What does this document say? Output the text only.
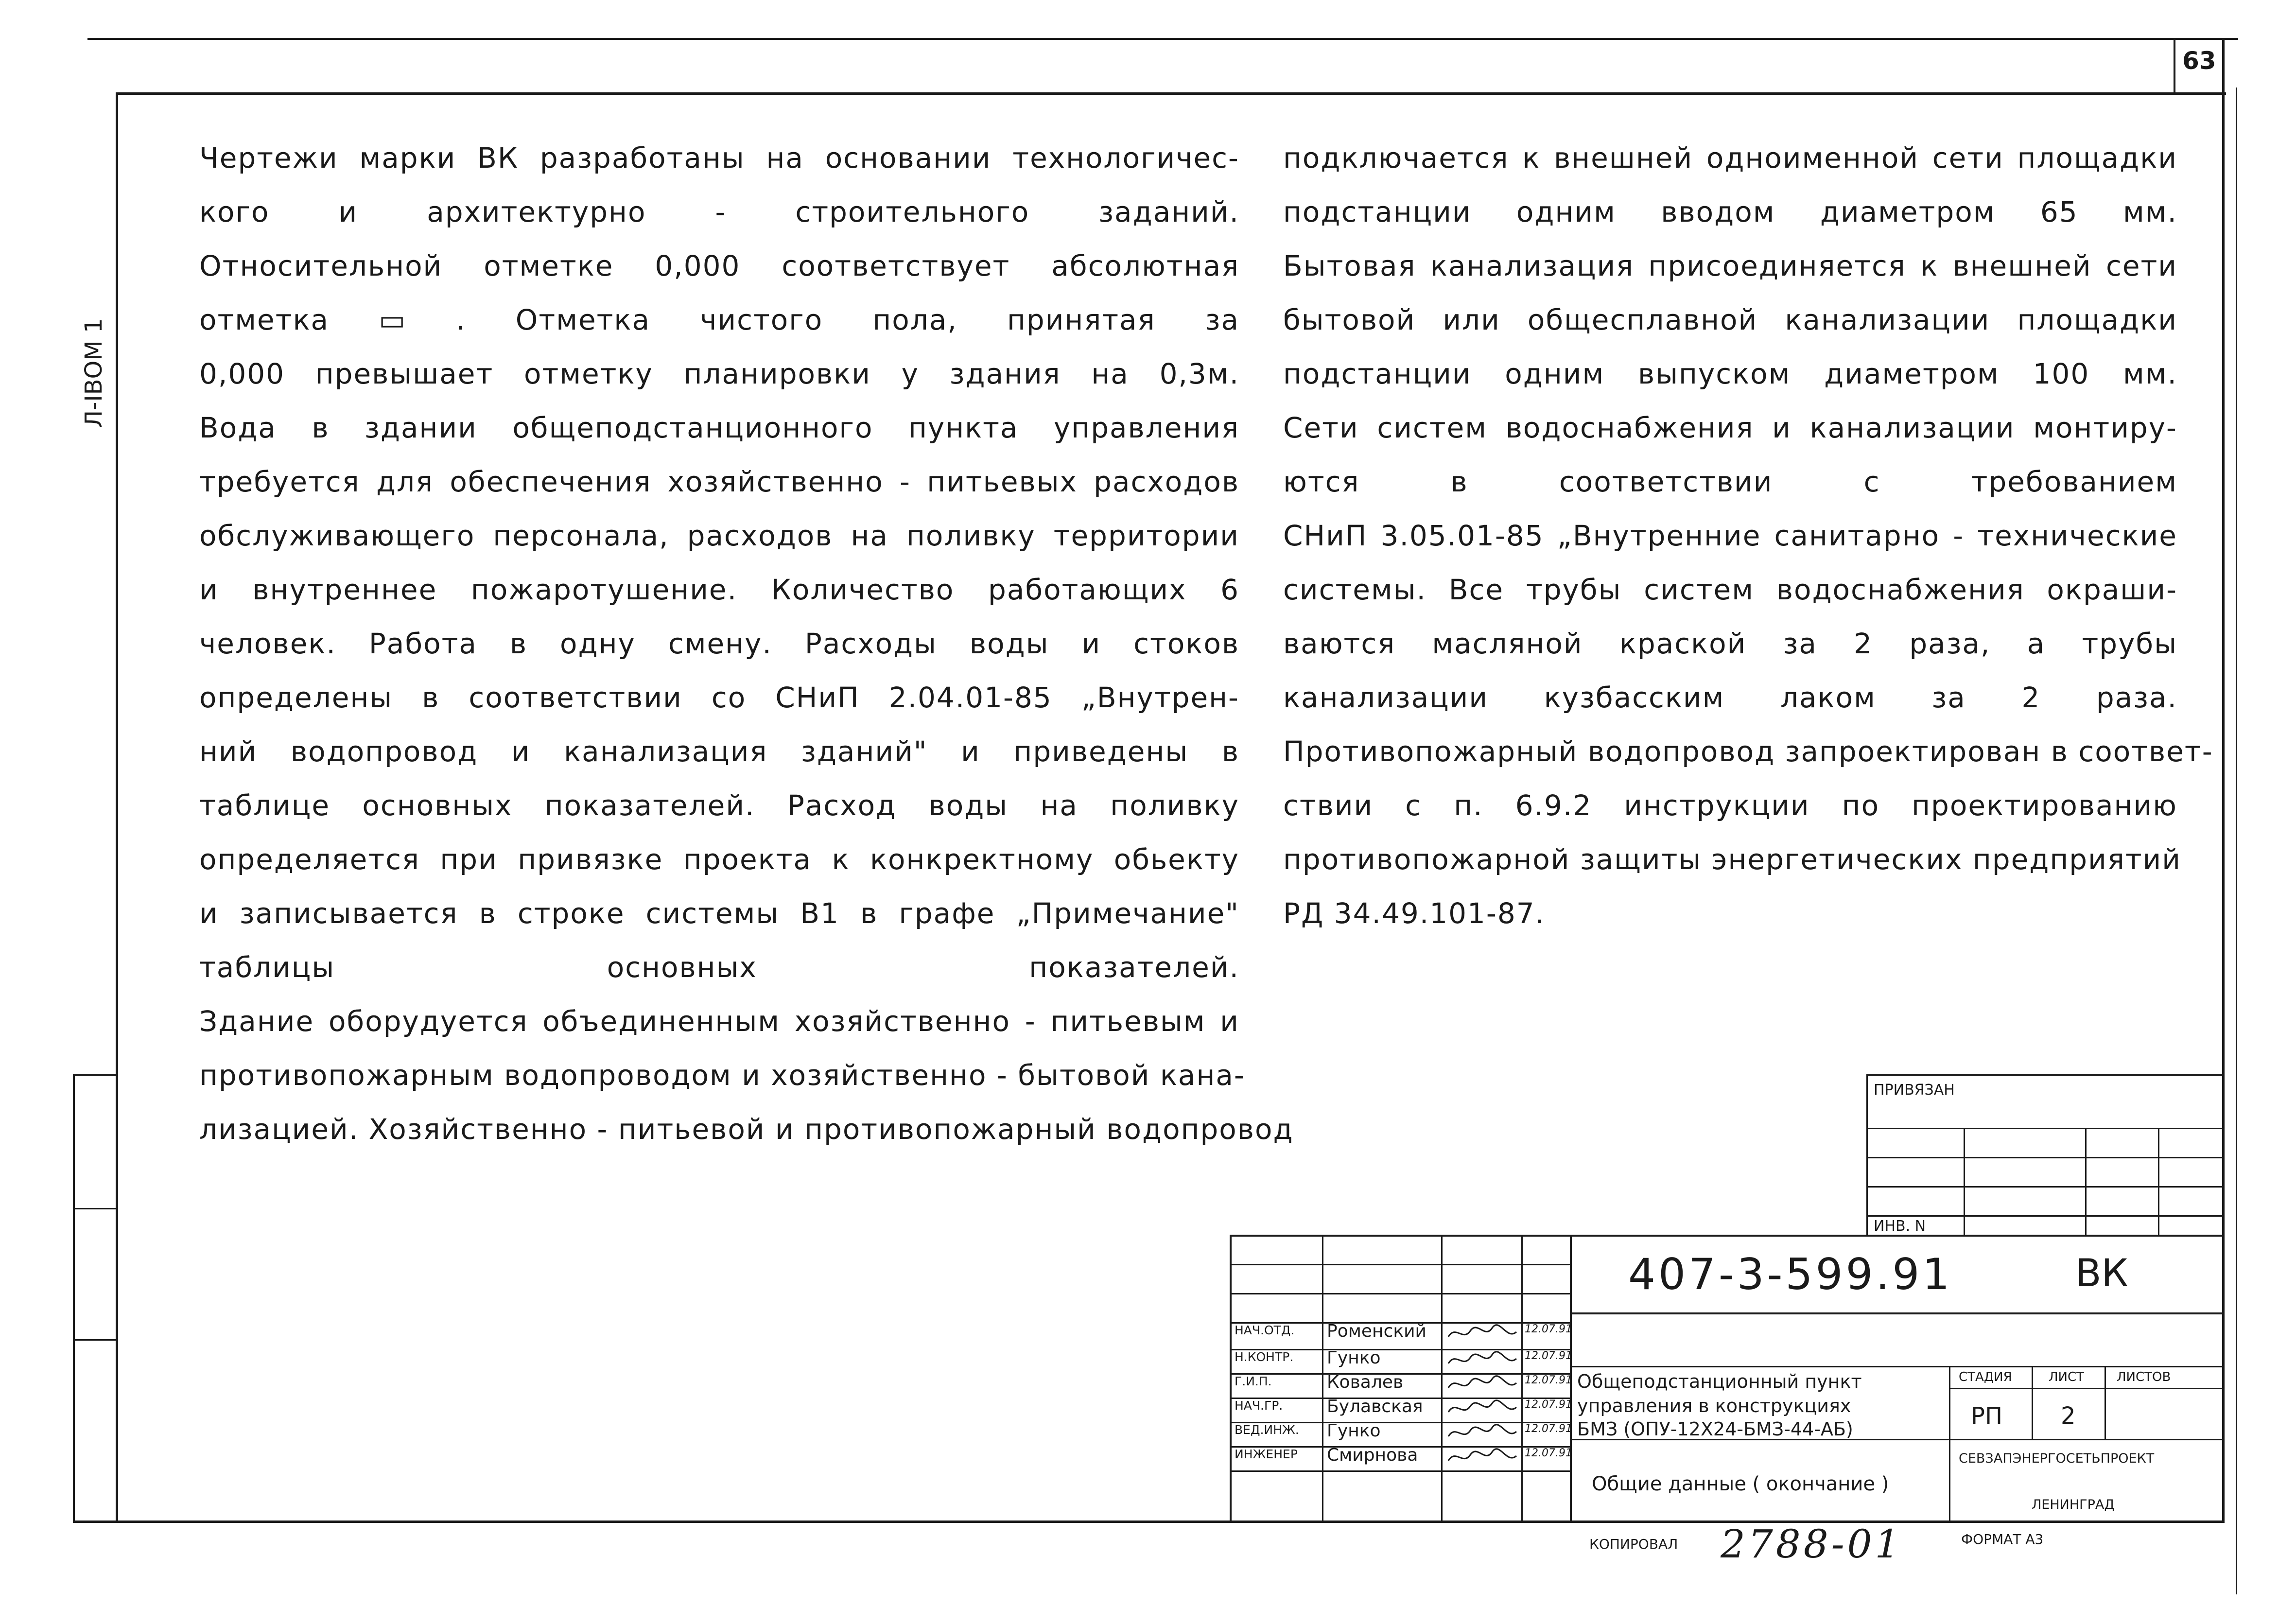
63
Л-ІВОМ 1
Чертежи марки ВК разработаны на основании технологичес-
кого и архитектурно - строительного заданий.
Относительной отметке 0,000 соответствует абсолютная
отметка ▭ . Отметка чистого пола, принятая за
0,000 превышает отметку планировки у здания на 0,3м.
Вода в здании общеподстанционного пункта управления
требуется для обеспечения хозяйственно - питьевых расходов
обслуживающего персонала, расходов на поливку территории
и внутреннее пожаротушение. Количество работающих 6
человек. Работа в одну смену. Расходы воды и стоков
определены в соответствии со СНиП 2.04.01-85 „Внутрен-
ний водопровод и канализация зданий" и приведены в
таблице основных показателей. Расход воды на поливку
определяется при привязке проекта к конкректному обьекту
и записывается в строке системы В1 в графе „Примечание"
таблицы основных показателей.
Здание оборудуется объединенным хозяйственно - питьевым и
противопожарным водопроводом и хозяйственно - бытовой кана-
лизацией. Хозяйственно - питьевой и противопожарный водопровод
подключается к внешней одноименной сети площадки
подстанции одним вводом диаметром 65 мм.
Бытовая канализация присоединяется к внешней сети
бытовой или общесплавной канализации площадки
подстанции одним выпуском диаметром 100 мм.
Сети систем водоснабжения и канализации монтиру-
ются в соответствии с требованием
СНиП 3.05.01-85 „Внутренние санитарно - технические
системы. Все трубы систем водоснабжения окраши-
ваются масляной краской за 2 раза, а трубы
канализации кузбасским лаком за 2 раза.
Противопожарный водопровод запроектирован в соответ-
ствии с п. 6.9.2 инструкции по проектированию
противопожарной защиты энергетических предприятий
РД 34.49.101-87.
ПРИВЯЗАН
ИНВ. N
407-3-599.91	ВК
НАЧ.ОТД. Роменский	12.07.91
Н.КОНТР. Гунко	12.07.91
Г.И.П.	Ковалев	12.07.91
НАЧ.ГР.	Булавская	12.07.91
ВЕД.ИНЖ. Гунко	12.07.91
ИНЖЕНЕР Смирнова	12.07.91
Общеподстанционный пункт
управления в конструкциях
БМЗ (ОПУ-12Х24-БМЗ-44-АБ)
Общие данные ( окончание )
СТАДИЯ	ЛИСТ	ЛИСТОВ
РП 2
СЕВЗАПЭНЕРГОСЕТЬПРОЕКТ
ЛЕНИНГРАД
КОПИРОВАЛ 2788-01	ФОРМАТ А3
